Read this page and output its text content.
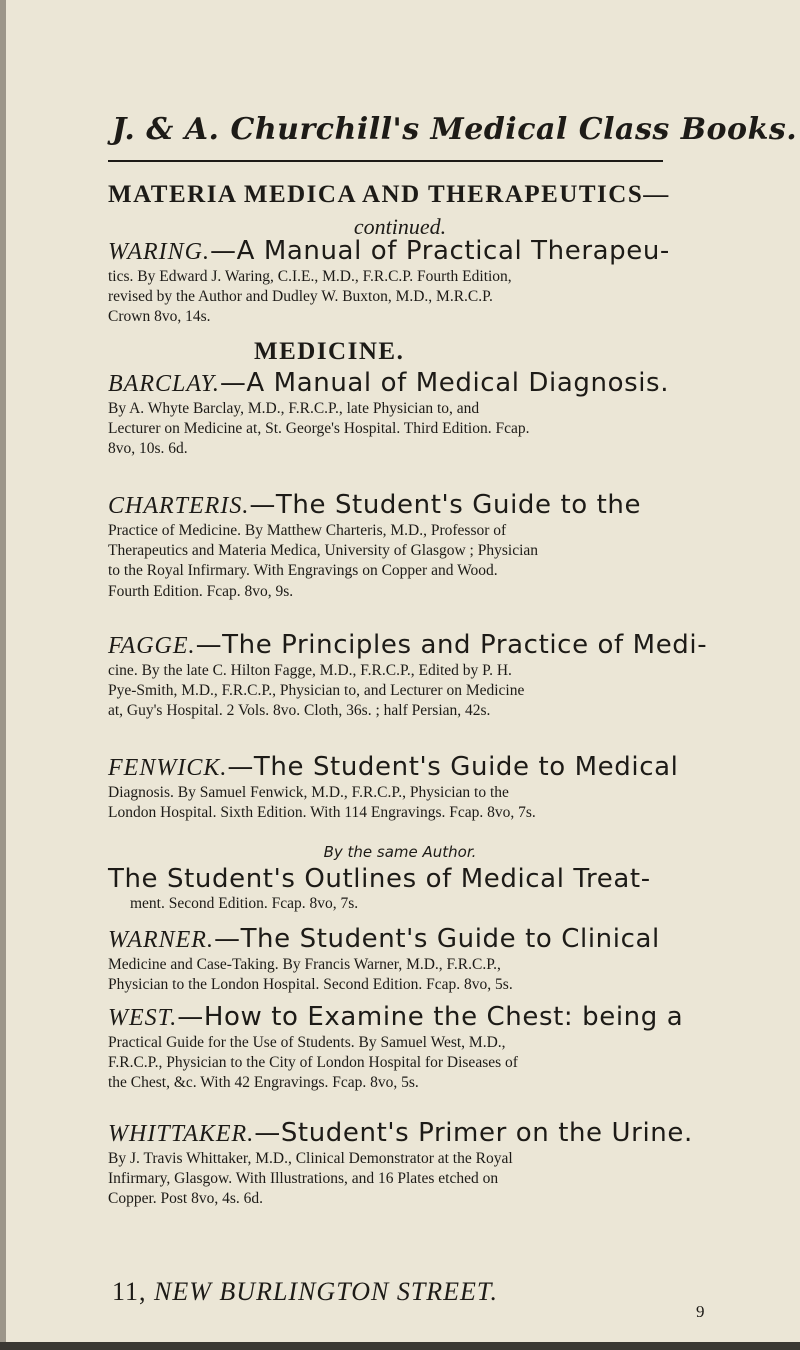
J. & A. Churchill's Medical Class Books.
MATERIA MEDICA AND THERAPEUTICS—
continued.
WARING.—A Manual of Practical Therapeu-
tics. By Edward J. Waring, C.I.E., M.D., F.R.C.P. Fourth Edition,
revised by the Author and Dudley W. Buxton, M.D., M.R.C.P.
Crown 8vo, 14s.
MEDICINE.
BARCLAY.—A Manual of Medical Diagnosis.
By A. Whyte Barclay, M.D., F.R.C.P., late Physician to, and
Lecturer on Medicine at, St. George's Hospital. Third Edition. Fcap.
8vo, 10s. 6d.
CHARTERIS.—The Student's Guide to the
Practice of Medicine. By Matthew Charteris, M.D., Professor of
Therapeutics and Materia Medica, University of Glasgow ; Physician
to the Royal Infirmary. With Engravings on Copper and Wood.
Fourth Edition. Fcap. 8vo, 9s.
FAGGE.—The Principles and Practice of Medi-
cine. By the late C. Hilton Fagge, M.D., F.R.C.P., Edited by P. H.
Pye-Smith, M.D., F.R.C.P., Physician to, and Lecturer on Medicine
at, Guy's Hospital. 2 Vols. 8vo. Cloth, 36s. ; half Persian, 42s.
FENWICK.—The Student's Guide to Medical
Diagnosis. By Samuel Fenwick, M.D., F.R.C.P., Physician to the
London Hospital. Sixth Edition. With 114 Engravings. Fcap. 8vo, 7s.
By the same Author.
The Student's Outlines of Medical Treat-
ment. Second Edition. Fcap. 8vo, 7s.
WARNER.—The Student's Guide to Clinical
Medicine and Case-Taking. By Francis Warner, M.D., F.R.C.P.,
Physician to the London Hospital. Second Edition. Fcap. 8vo, 5s.
WEST.—How to Examine the Chest: being a
Practical Guide for the Use of Students. By Samuel West, M.D.,
F.R.C.P., Physician to the City of London Hospital for Diseases of
the Chest, &c. With 42 Engravings. Fcap. 8vo, 5s.
WHITTAKER.—Student's Primer on the Urine.
By J. Travis Whittaker, M.D., Clinical Demonstrator at the Royal
Infirmary, Glasgow. With Illustrations, and 16 Plates etched on
Copper. Post 8vo, 4s. 6d.
11, NEW BURLINGTON STREET.
9
